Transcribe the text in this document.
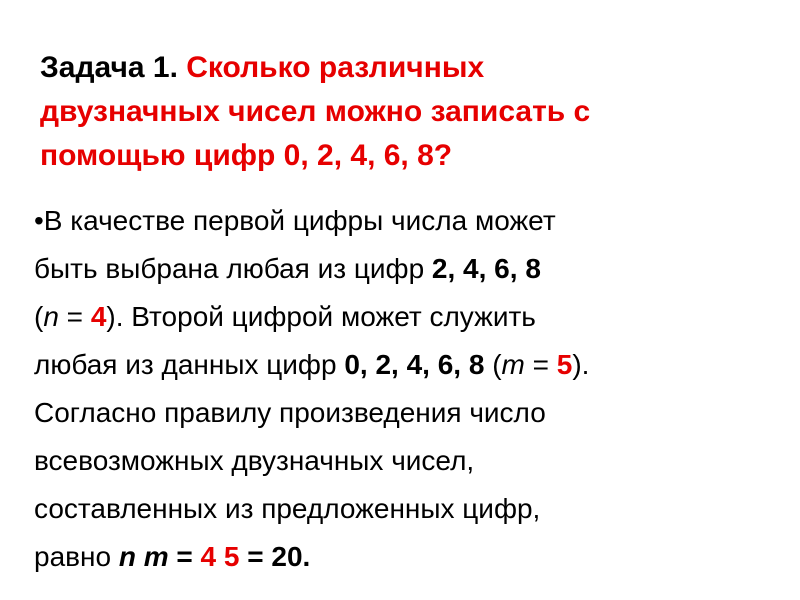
Задача 1. Сколько различных
двузначных чисел можно записать с
помощью цифр 0, 2, 4, 6, 8?
•В качестве первой цифры числа может
быть выбрана любая из цифр 2, 4, 6, 8
(n = 4). Второй цифрой может служить
любая из данных цифр 0, 2, 4, 6, 8 (m = 5).
Согласно правилу произведения число
всевозможных двузначных чисел,
составленных из предложенных цифр,
равно n m = 4 5 = 20.
